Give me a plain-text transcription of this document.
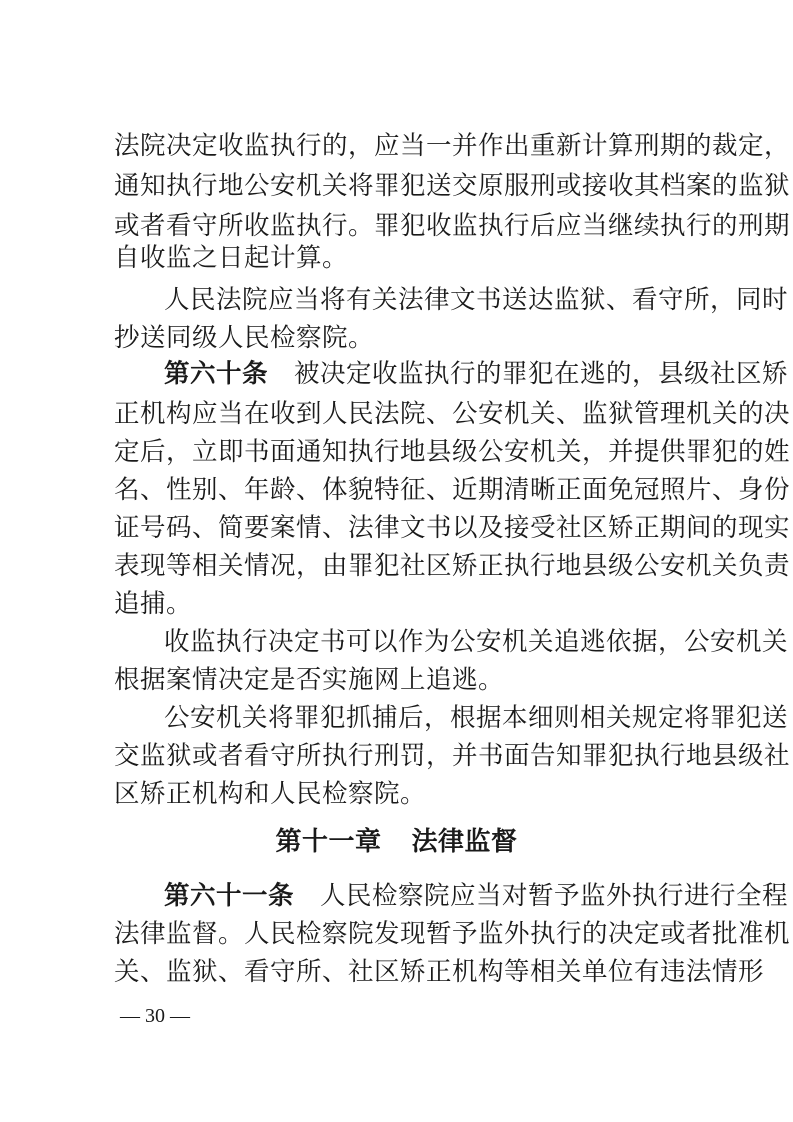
法院决定收监执行的，应当一并作出重新计算刑期的裁定，
通知执行地公安机关将罪犯送交原服刑或接收其档案的监狱
或者看守所收监执行。罪犯收监执行后应当继续执行的刑期
自收监之日起计算。
人民法院应当将有关法律文书送达监狱、看守所，同时
抄送同级人民检察院。
第六十条 被决定收监执行的罪犯在逃的，县级社区矫
正机构应当在收到人民法院、公安机关、监狱管理机关的决
定后，立即书面通知执行地县级公安机关，并提供罪犯的姓
名、性别、年龄、体貌特征、近期清晰正面免冠照片、身份
证号码、简要案情、法律文书以及接受社区矫正期间的现实
表现等相关情况，由罪犯社区矫正执行地县级公安机关负责
追捕。
收监执行决定书可以作为公安机关追逃依据，公安机关
根据案情决定是否实施网上追逃。
公安机关将罪犯抓捕后，根据本细则相关规定将罪犯送
交监狱或者看守所执行刑罚，并书面告知罪犯执行地县级社
区矫正机构和人民检察院。
第十一章 法律监督
第六十一条 人民检察院应当对暂予监外执行进行全程
法律监督。人民检察院发现暂予监外执行的决定或者批准机
关、监狱、看守所、社区矫正机构等相关单位有违法情形
— 30 —
